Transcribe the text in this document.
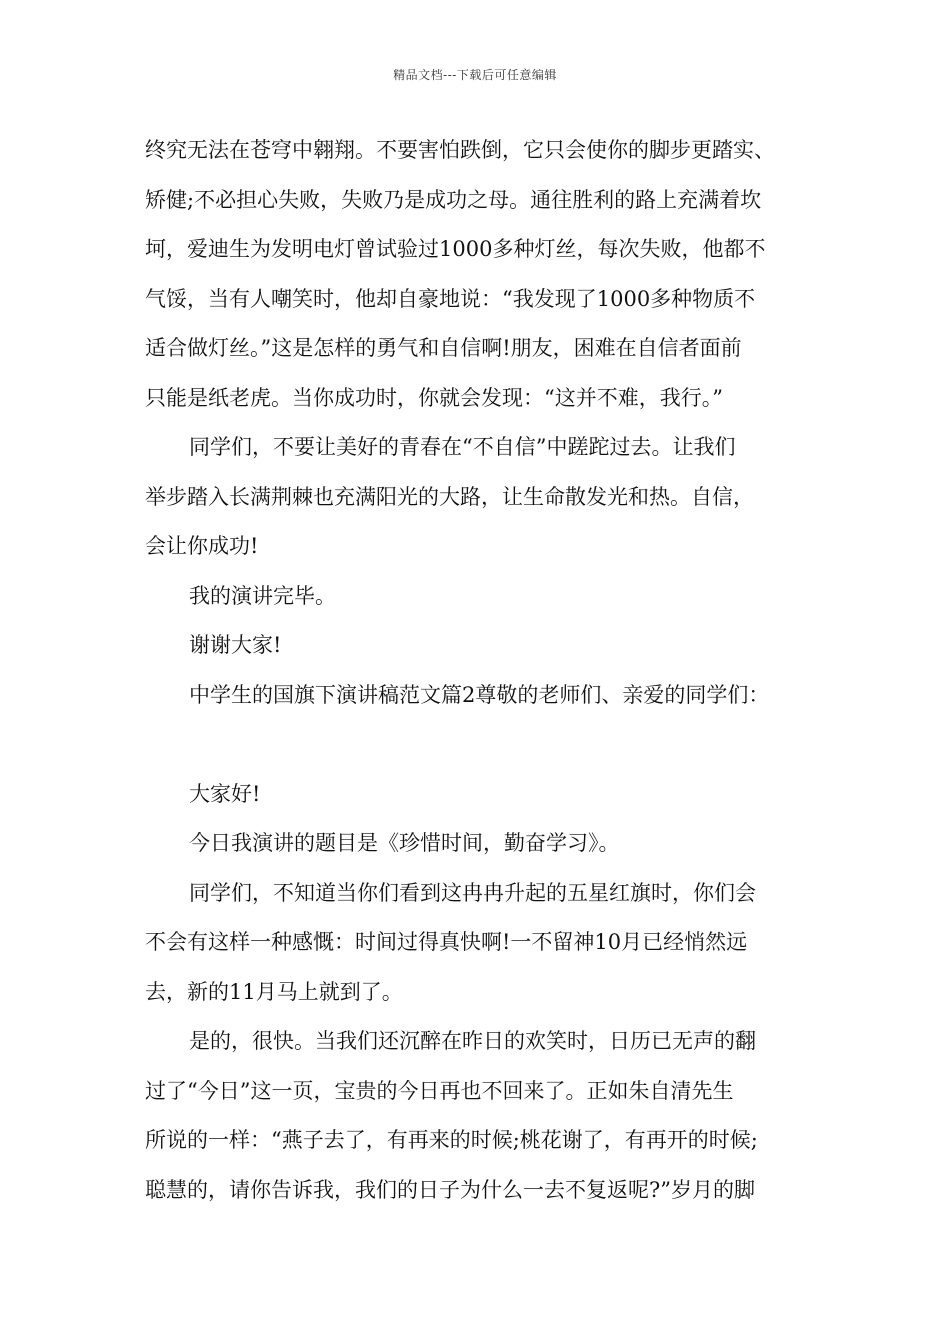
精品文档---下载后可任意编辑
终究无法在苍穹中翱翔。不要害怕跌倒，它只会使你的脚步更踏实、
矫健;不必担心失败，失败乃是成功之母。通往胜利的路上充满着坎
坷，爱迪生为发明电灯曾试验过1000多种灯丝，每次失败，他都不
气馁，当有人嘲笑时，他却自豪地说：“我发现了1000多种物质不
适合做灯丝。”这是怎样的勇气和自信啊!朋友，困难在自信者面前
只能是纸老虎。当你成功时，你就会发现：“这并不难，我行。”
同学们，不要让美好的青春在“不自信”中蹉跎过去。让我们
举步踏入长满荆棘也充满阳光的大路，让生命散发光和热。自信，
会让你成功!
我的演讲完毕。
谢谢大家!
中学生的国旗下演讲稿范文篇2尊敬的老师们、亲爱的同学们：
大家好!
今日我演讲的题目是《珍惜时间，勤奋学习》。
同学们，不知道当你们看到这冉冉升起的五星红旗时，你们会
不会有这样一种感慨：时间过得真快啊!一不留神10月已经悄然远
去，新的11月马上就到了。
是的，很快。当我们还沉醉在昨日的欢笑时，日历已无声的翻
过了“今日”这一页，宝贵的今日再也不回来了。正如朱自清先生
所说的一样：“燕子去了，有再来的时候;桃花谢了，有再开的时候;
聪慧的，请你告诉我，我们的日子为什么一去不复返呢?”岁月的脚
